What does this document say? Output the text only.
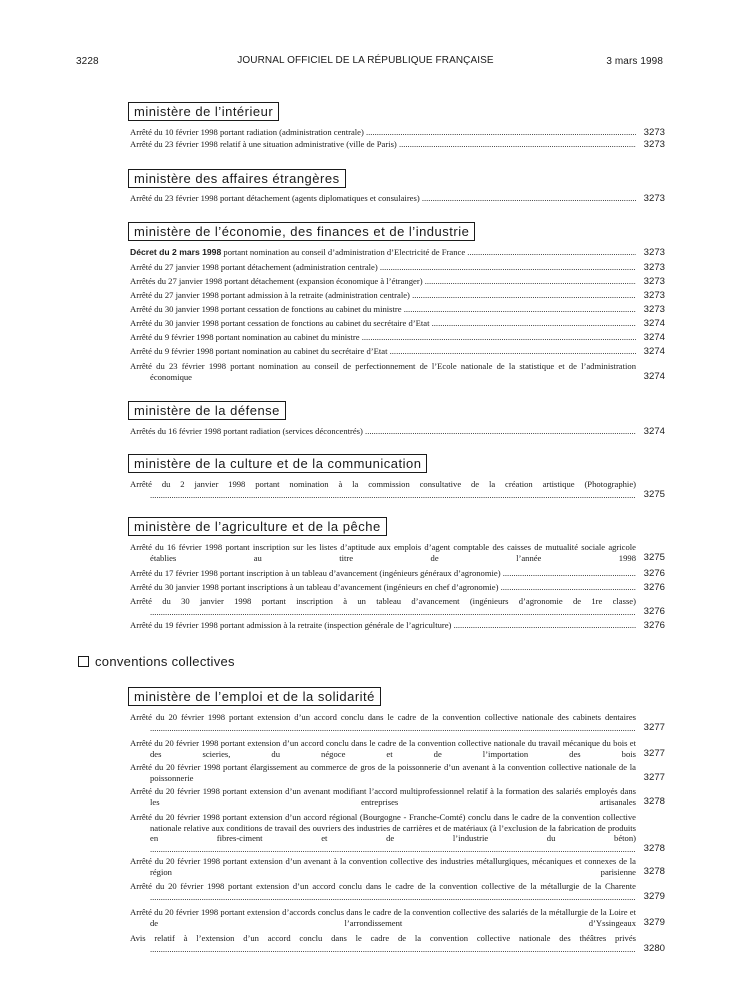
3228	JOURNAL OFFICIEL DE LA RÉPUBLIQUE FRANÇAISE	3 mars 1998
conventions collectives
ministère de l’intérieur
Arrêté du 10 février 1998 portant radiation (administration centrale) .....	3273
Arrêté du 23 février 1998 relatif à une situation administrative (ville de Paris) .....	3273
ministère des affaires étrangères
Arrêté du 23 février 1998 portant détachement (agents diplomatiques et consulaires) .....	3273
ministère de l’économie, des finances et de l’industrie
Décret du 2 mars 1998 portant nomination au conseil d’administration d’Electricité de France .....	3273
Arrêté du 27 janvier 1998 portant détachement (administration centrale) .....	3273
Arrêtés du 27 janvier 1998 portant détachement (expansion économique à l’étranger) .....	3273
Arrêté du 27 janvier 1998 portant admission à la retraite (administration centrale) .....	3273
Arrêté du 30 janvier 1998 portant cessation de fonctions au cabinet du ministre .....	3273
Arrêté du 30 janvier 1998 portant cessation de fonctions au cabinet du secrétaire d’Etat .....	3274
Arrêté du 9 février 1998 portant nomination au cabinet du ministre .....	3274
Arrêté du 9 février 1998 portant nomination au cabinet du secrétaire d’Etat .....	3274
Arrêté du 23 février 1998 portant nomination au conseil de perfectionnement de l’Ecole nationale de la statistique et de l’administration économique .....	3274
ministère de la défense
Arrêtés du 16 février 1998 portant radiation (services déconcentrés) .....	3274
ministère de la culture et de la communication
Arrêté du 2 janvier 1998 portant nomination à la commission consultative de la création artistique (Photographie) .....
3275
ministère de l’agriculture et de la pêche
Arrêté du 16 février 1998 portant inscription sur les listes d’aptitude aux emplois d’agent comptable des caisses de mutualité sociale agricole établies au titre de l’année 1998 ..... 3275
Arrêté du 17 février 1998 portant inscription à un tableau d’avancement (ingénieurs généraux d’agronomie) .....	3276
Arrêté du 30 janvier 1998 portant inscriptions à un tableau d’avancement (ingénieurs en chef d’agronomie) .....	3276
Arrêté du 30 janvier 1998 portant inscription à un tableau d’avancement (ingénieurs d’agronomie de 1re classe) .....
3276
Arrêté du 19 février 1998 portant admission à la retraite (inspection générale de l’agriculture) .....	3276
ministère de l’emploi et de la solidarité
Arrêté du 20 février 1998 portant extension d’un accord conclu dans le cadre de la convention collective nationale des cabinets dentaires .....
3277
Arrêté du 20 février 1998 portant extension d’un accord conclu dans le cadre de la convention collective nationale du travail mécanique du bois et des scieries, du négoce et de l’importation des bois ..... 3277
Arrêté du 20 février 1998 portant élargissement au commerce de gros de la poissonnerie d’un avenant à la convention collective nationale de la poissonnerie .....	3277
Arrêté du 20 février 1998 portant extension d’un avenant modifiant l’accord multiprofessionnel relatif à la formation des salariés employés dans les entreprises artisanales ..... 3278
Arrêté du 20 février 1998 portant extension d’un accord régional (Bourgogne - Franche-Comté) conclu dans le cadre de la convention collective nationale relative aux conditions de travail des ouvriers des industries de carrières et de matériaux (à l’exclusion de la fabrication de produits en fibres-ciment et de l’industrie du béton) .....
3278
Arrêté du 20 février 1998 portant extension d’un avenant à la convention collective des industries métallurgiques, mécaniques et connexes de la région parisienne ..... 3278
Arrêté du 20 février 1998 portant extension d’un accord conclu dans le cadre de la convention collective de la métallurgie de la Charente .....
3279
Arrêté du 20 février 1998 portant extension d’accords conclus dans le cadre de la convention collective des salariés de la métallurgie de la Loire et de l’arrondissement d’Yssingeaux ..... 3279
Avis relatif à l’extension d’un accord conclu dans le cadre de la convention collective nationale des théâtres privés .....
3280
